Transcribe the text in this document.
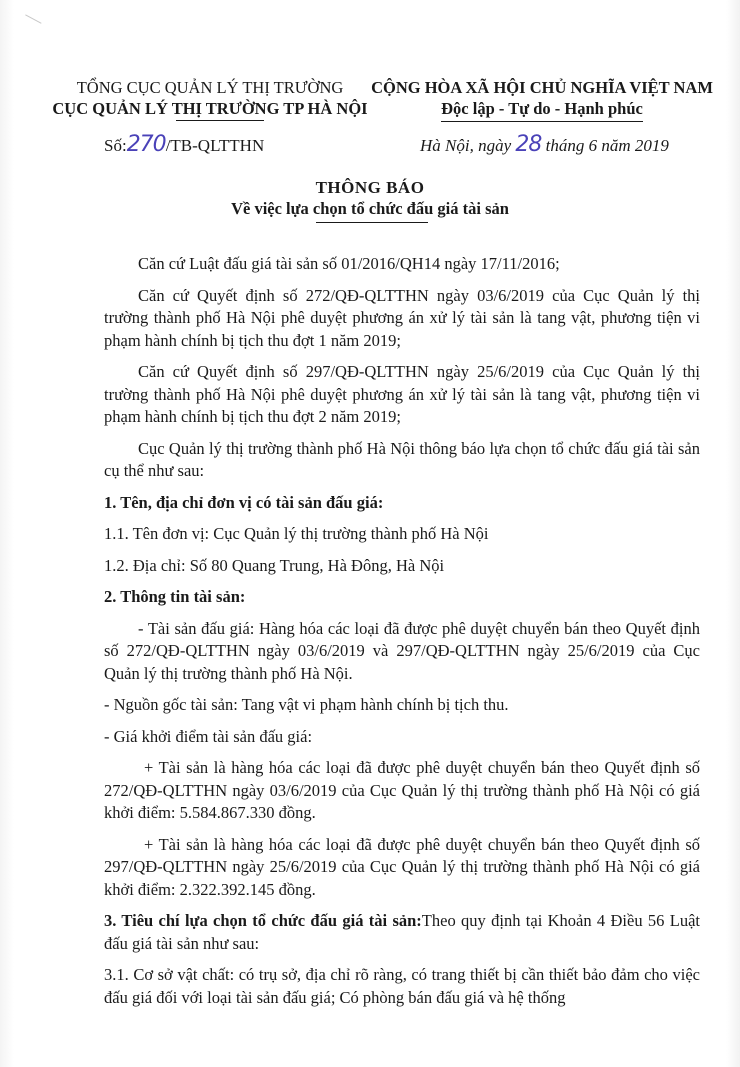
TỔNG CỤC QUẢN LÝ THỊ TRƯỜNG
CỤC QUẢN LÝ THỊ TRƯỜNG TP HÀ NỘI
CỘNG HÒA XÃ HỘI CHỦ NGHĨA VIỆT NAM
Độc lập - Tự do - Hạnh phúc
Số:270/TB-QLTTHN	Hà Nội, ngày 28 tháng 6 năm 2019
THÔNG BÁO
Về việc lựa chọn tổ chức đấu giá tài sản

Căn cứ Luật đấu giá tài sản số 01/2016/QH14 ngày 17/11/2016;

Căn cứ Quyết định số 272/QĐ-QLTTHN ngày 03/6/2019 của Cục Quản lý thị trường thành phố Hà Nội phê duyệt phương án xử lý tài sản là tang vật, phương tiện vi phạm hành chính bị tịch thu đợt 1 năm 2019;

Căn cứ Quyết định số 297/QĐ-QLTTHN ngày 25/6/2019 của Cục Quản lý thị trường thành phố Hà Nội phê duyệt phương án xử lý tài sản là tang vật, phương tiện vi phạm hành chính bị tịch thu đợt 2 năm 2019;

Cục Quản lý thị trường thành phố Hà Nội thông báo lựa chọn tổ chức đấu giá tài sản cụ thể như sau:

1. Tên, địa chỉ đơn vị có tài sản đấu giá:

1.1. Tên đơn vị: Cục Quản lý thị trường thành phố Hà Nội

1.2. Địa chỉ: Số 80 Quang Trung, Hà Đông, Hà Nội

2. Thông tin tài sản:

- Tài sản đấu giá: Hàng hóa các loại đã được phê duyệt chuyển bán theo Quyết định số 272/QĐ-QLTTHN ngày 03/6/2019 và 297/QĐ-QLTTHN ngày 25/6/2019 của Cục Quản lý thị trường thành phố Hà Nội.

- Nguồn gốc tài sản: Tang vật vi phạm hành chính bị tịch thu.

- Giá khởi điểm tài sản đấu giá:

+ Tài sản là hàng hóa các loại đã được phê duyệt chuyển bán theo Quyết định số 272/QĐ-QLTTHN ngày 03/6/2019 của Cục Quản lý thị trường thành phố Hà Nội có giá khởi điểm: 5.584.867.330 đồng.

+ Tài sản là hàng hóa các loại đã được phê duyệt chuyển bán theo Quyết định số 297/QĐ-QLTTHN ngày 25/6/2019 của Cục Quản lý thị trường thành phố Hà Nội có giá khởi điểm: 2.322.392.145 đồng.

3. Tiêu chí lựa chọn tổ chức đấu giá tài sản:Theo quy định tại Khoản 4 Điều 56 Luật đấu giá tài sản như sau:

3.1. Cơ sở vật chất: có trụ sở, địa chỉ rõ ràng, có trang thiết bị cần thiết bảo đảm cho việc đấu giá đối với loại tài sản đấu giá; Có phòng bán đấu giá và hệ thống
